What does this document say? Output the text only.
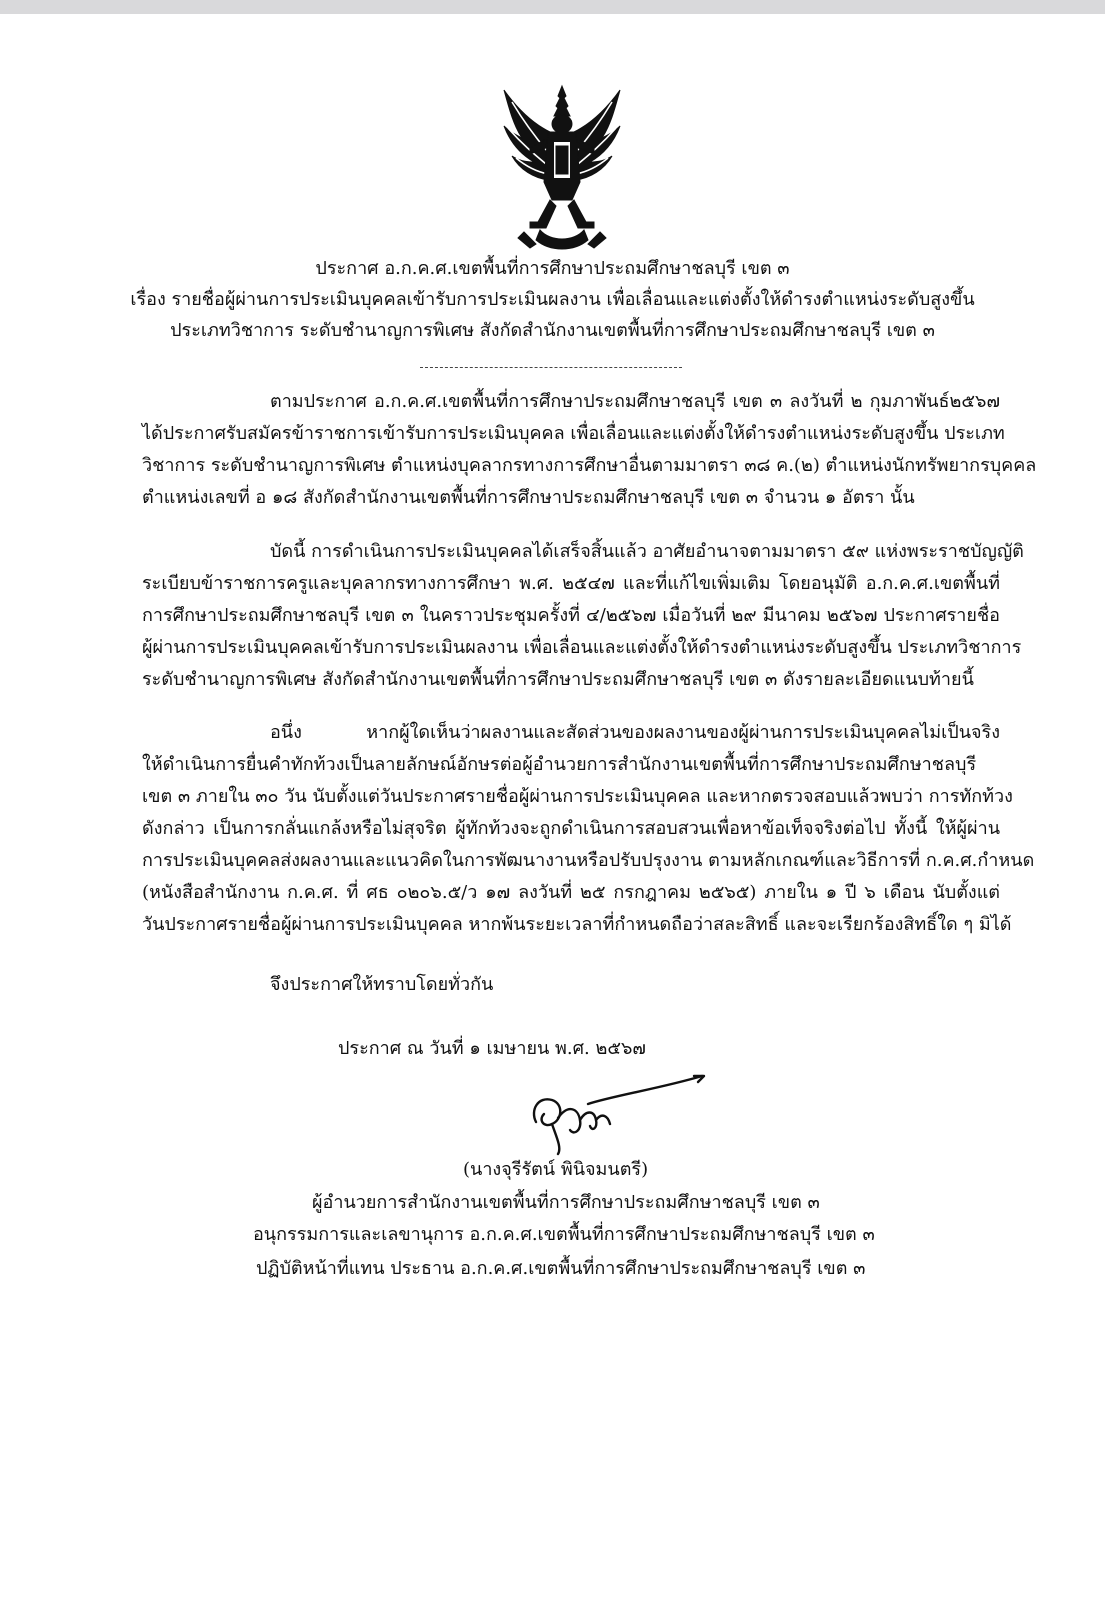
ประกาศ อ.ก.ค.ศ.เขตพื้นที่การศึกษาประถมศึกษาชลบุรี เขต ๓
เรื่อง รายชื่อผู้ผ่านการประเมินบุคคลเข้ารับการประเมินผลงาน เพื่อเลื่อนและแต่งตั้งให้ดำรงตำแหน่งระดับสูงขึ้น
ประเภทวิชาการ ระดับชำนาญการพิเศษ สังกัดสำนักงานเขตพื้นที่การศึกษาประถมศึกษาชลบุรี เขต ๓
ตามประกาศ อ.ก.ค.ศ.เขตพื้นที่การศึกษาประถมศึกษาชลบุรี เขต ๓ ลงวันที่ ๒ กุมภาพันธ์๒๕๖๗
ได้ประกาศรับสมัครข้าราชการเข้ารับการประเมินบุคคล เพื่อเลื่อนและแต่งตั้งให้ดำรงตำแหน่งระดับสูงขึ้น ประเภท
วิชาการ ระดับชำนาญการพิเศษ ตำแหน่งบุคลากรทางการศึกษาอื่นตามมาตรา ๓๘ ค.(๒) ตำแหน่งนักทรัพยากรบุคคล
ตำแหน่งเลขที่ อ ๑๘ สังกัดสำนักงานเขตพื้นที่การศึกษาประถมศึกษาชลบุรี เขต ๓ จำนวน ๑ อัตรา นั้น
บัดนี้ การดำเนินการประเมินบุคคลได้เสร็จสิ้นแล้ว อาศัยอำนาจตามมาตรา ๕๙ แห่งพระราชบัญญัติ
ระเบียบข้าราชการครูและบุคลากรทางการศึกษา พ.ศ. ๒๕๔๗ และที่แก้ไขเพิ่มเติม โดยอนุมัติ อ.ก.ค.ศ.เขตพื้นที่
การศึกษาประถมศึกษาชลบุรี เขต ๓ ในคราวประชุมครั้งที่ ๔/๒๕๖๗ เมื่อวันที่ ๒๙ มีนาคม ๒๕๖๗ ประกาศรายชื่อ
ผู้ผ่านการประเมินบุคคลเข้ารับการประเมินผลงาน เพื่อเลื่อนและแต่งตั้งให้ดำรงตำแหน่งระดับสูงขึ้น ประเภทวิชาการ
ระดับชำนาญการพิเศษ สังกัดสำนักงานเขตพื้นที่การศึกษาประถมศึกษาชลบุรี เขต ๓ ดังรายละเอียดแนบท้ายนี้
อนึ่ง หากผู้ใดเห็นว่าผลงานและสัดส่วนของผลงานของผู้ผ่านการประเมินบุคคลไม่เป็นจริง
ให้ดำเนินการยื่นคำทักท้วงเป็นลายลักษณ์อักษรต่อผู้อำนวยการสำนักงานเขตพื้นที่การศึกษาประถมศึกษาชลบุรี
เขต ๓ ภายใน ๓๐ วัน นับตั้งแต่วันประกาศรายชื่อผู้ผ่านการประเมินบุคคล และหากตรวจสอบแล้วพบว่า การทักท้วง
ดังกล่าว เป็นการกลั่นแกล้งหรือไม่สุจริต ผู้ทักท้วงจะถูกดำเนินการสอบสวนเพื่อหาข้อเท็จจริงต่อไป ทั้งนี้ ให้ผู้ผ่าน
การประเมินบุคคลส่งผลงานและแนวคิดในการพัฒนางานหรือปรับปรุงงาน ตามหลักเกณฑ์และวิธีการที่ ก.ค.ศ.กำหนด
(หนังสือสำนักงาน ก.ค.ศ. ที่ ศธ ๐๒๐๖.๕/ว ๑๗ ลงวันที่ ๒๕ กรกฎาคม ๒๕๖๕) ภายใน ๑ ปี ๖ เดือน นับตั้งแต่
วันประกาศรายชื่อผู้ผ่านการประเมินบุคคล หากพ้นระยะเวลาที่กำหนดถือว่าสละสิทธิ์ และจะเรียกร้องสิทธิ์ใด ๆ มิได้
จึงประกาศให้ทราบโดยทั่วกัน
ประกาศ ณ วันที่ ๑ เมษายน พ.ศ. ๒๕๖๗
(นางจุรีรัตน์ พินิจมนตรี)
ผู้อำนวยการสำนักงานเขตพื้นที่การศึกษาประถมศึกษาชลบุรี เขต ๓
อนุกรรมการและเลขานุการ อ.ก.ค.ศ.เขตพื้นที่การศึกษาประถมศึกษาชลบุรี เขต ๓
ปฏิบัติหน้าที่แทน ประธาน อ.ก.ค.ศ.เขตพื้นที่การศึกษาประถมศึกษาชลบุรี เขต ๓
